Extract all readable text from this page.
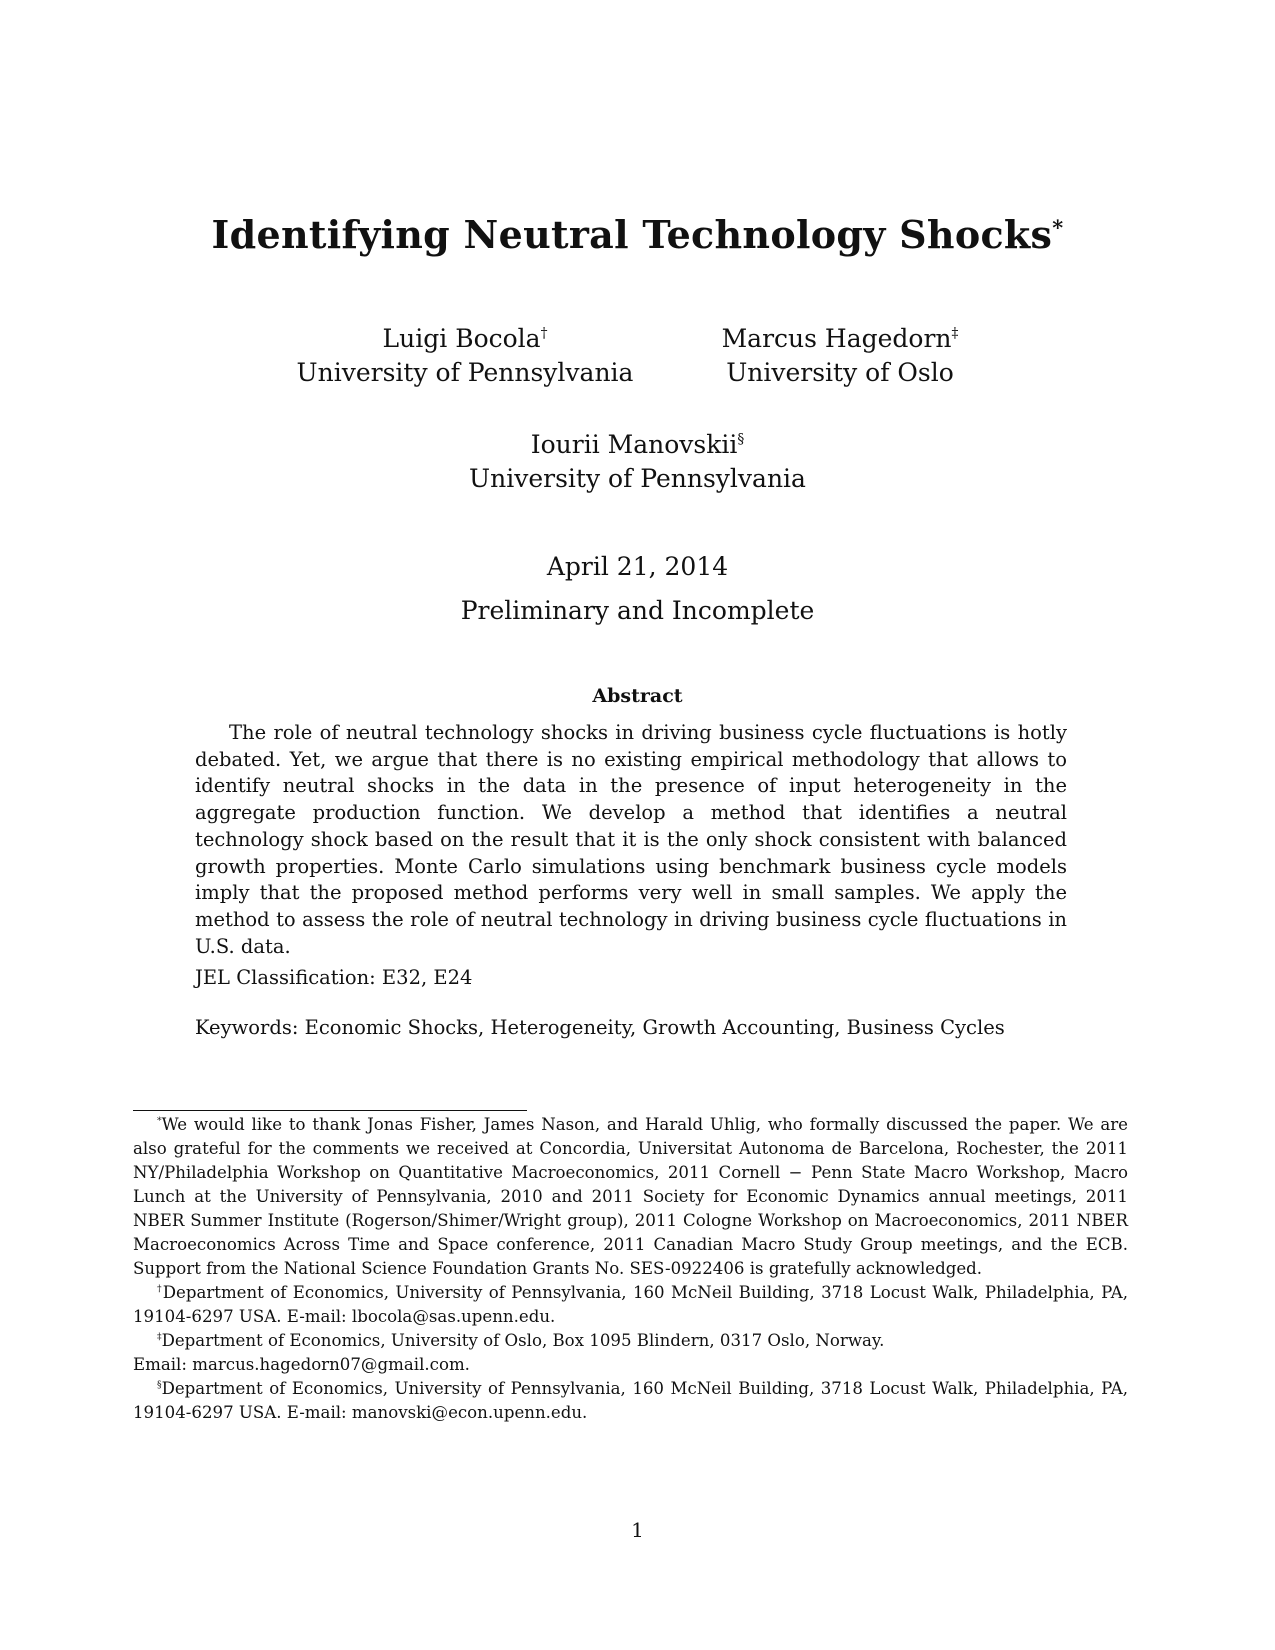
Identifying Neutral Technology Shocks*
Luigi Bocola†
University of Pennsylvania
Marcus Hagedorn‡
University of Oslo
Iourii Manovskii§
University of Pennsylvania
April 21, 2014
Preliminary and Incomplete
Abstract
The role of neutral technology shocks in driving business cycle fluctuations is hotly debated. Yet, we argue that there is no existing empirical methodology that allows to identify neutral shocks in the data in the presence of input heterogeneity in the aggregate production function. We develop a method that identifies a neutral technology shock based on the result that it is the only shock consistent with balanced growth properties. Monte Carlo simulations using benchmark business cycle models imply that the proposed method performs very well in small samples. We apply the method to assess the role of neutral technology in driving business cycle fluctuations in U.S. data.
JEL Classification: E32, E24
Keywords: Economic Shocks, Heterogeneity, Growth Accounting, Business Cycles

*We would like to thank Jonas Fisher, James Nason, and Harald Uhlig, who formally discussed the paper. We are also grateful for the comments we received at Concordia, Universitat Autonoma de Barcelona, Rochester, the 2011 NY/Philadelphia Workshop on Quantitative Macroeconomics, 2011 Cornell − Penn State Macro Workshop, Macro Lunch at the University of Pennsylvania, 2010 and 2011 Society for Economic Dynamics annual meetings, 2011 NBER Summer Institute (Rogerson/Shimer/Wright group), 2011 Cologne Workshop on Macroeconomics, 2011 NBER Macroeconomics Across Time and Space conference, 2011 Canadian Macro Study Group meetings, and the ECB. Support from the National Science Foundation Grants No. SES-0922406 is gratefully acknowledged.

†Department of Economics, University of Pennsylvania, 160 McNeil Building, 3718 Locust Walk, Philadelphia, PA, 19104-6297 USA. E-mail: lbocola@sas.upenn.edu.

‡Department of Economics, University of Oslo, Box 1095 Blindern, 0317 Oslo, Norway.
Email: marcus.hagedorn07@gmail.com.

§Department of Economics, University of Pennsylvania, 160 McNeil Building, 3718 Locust Walk, Philadelphia, PA, 19104-6297 USA. E-mail: manovski@econ.upenn.edu.

1
